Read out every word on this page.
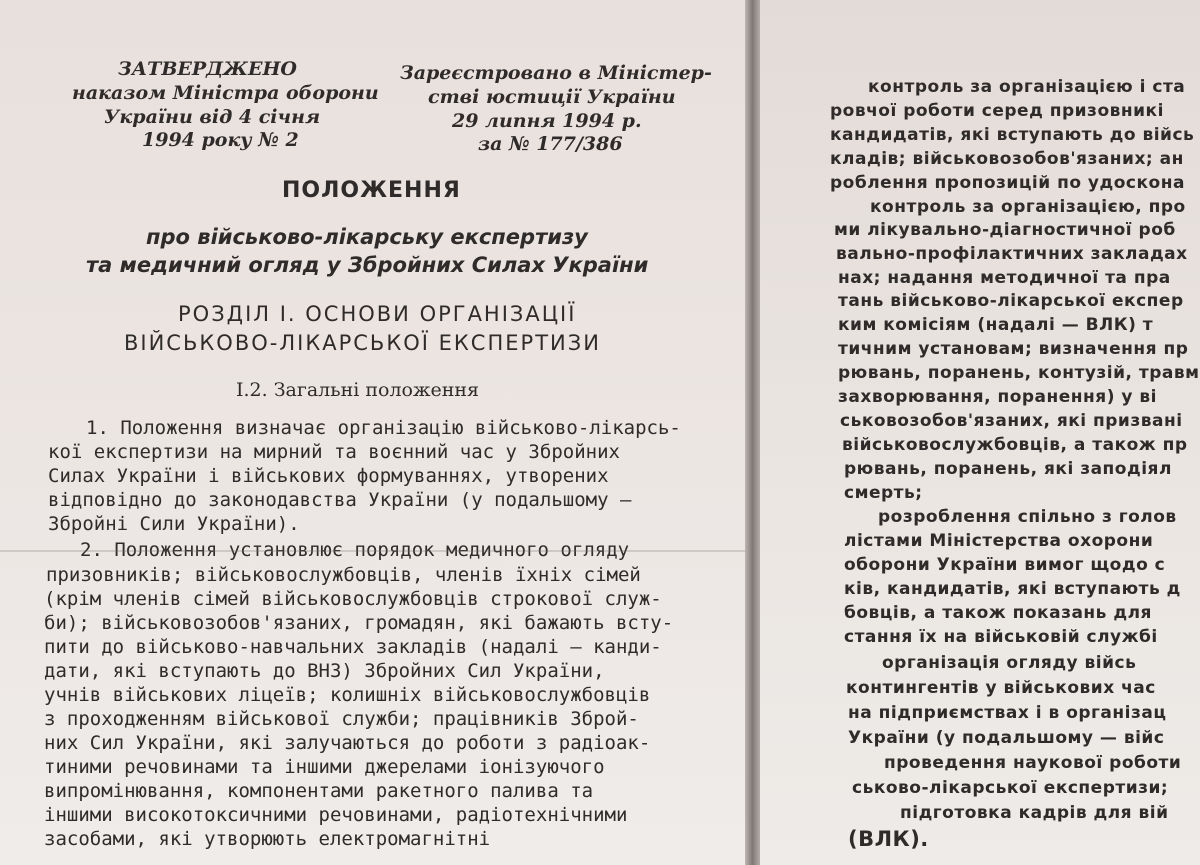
ЗАТВЕРДЖЕНО
наказом Міністра оборони
України від 4 січня
1994 року № 2
Зареєстровано в Міністер-
стві юстиції України
29 липня 1994 р.
за № 177/386
ПОЛОЖЕННЯ
про військово-лікарську експертизу
та медичний огляд у Збройних Силах України
РОЗДІЛ І. ОСНОВИ ОРГАНІЗАЦІЇ
ВІЙСЬКОВО-ЛІКАРСЬКОЇ ЕКСПЕРТИЗИ
І.2. Загальні положення
1. Положення визначає організацію військово-лікарсь-
кої експертизи на мирний та воєнний час у Збройних
Силах України і військових формуваннях, утворених
відповідно до законодавства України (у подальшому —
Збройні Сили України).
2. Положення установлює порядок медичного огляду
призовників; військовослужбовців, членів їхніх сімей
(крім членів сімей військовослужбовців строкової служ-
би); військовозобов'язаних, громадян, які бажають всту-
пити до військово-навчальних закладів (надалі — канди-
дати, які вступають до ВНЗ) Збройних Сил України,
учнів військових ліцеїв; колишніх військовослужбовців
з проходженням військової служби; працівників Зброй-
них Сил України, які залучаються до роботи з радіоак-
тиними речовинами та іншими джерелами іонізуючого
випромінювання, компонентами ракетного палива та
іншими високотоксичними речовинами, радіотехнічними
засобами, які утворюють електромагнітні
контроль за організацією і ста
ровчої роботи серед призовникі
кандидатів, які вступають до війсь
кладів; військовозобов'язаних; ан
роблення пропозицій по удоскона
контроль за організацією, про
ми лікувально-діагностичної роб
вально-профілактичних закладах
нах; надання методичної та пра
тань військово-лікарської експер
ким комісіям (надалі — ВЛК) т
тичним установам; визначення пр
рювань, поранень, контузій, травм
захворювання, поранення) у ві
ськовозобов'язаних, які призвані
військовослужбовців, а також пр
рювань, поранень, які заподіял
смерть;
розроблення спільно з голов
лістами Міністерства охорони
оборони України вимог щодо с
ків, кандидатів, які вступають д
бовців, а також показань для
стання їх на військовій службі
організація огляду війсь
контингентів у військових час
на підприємствах і в організац
України (у подальшому — війс
проведення наукової роботи
ськово-лікарської експертизи;
підготовка кадрів для вій
(ВЛК).
